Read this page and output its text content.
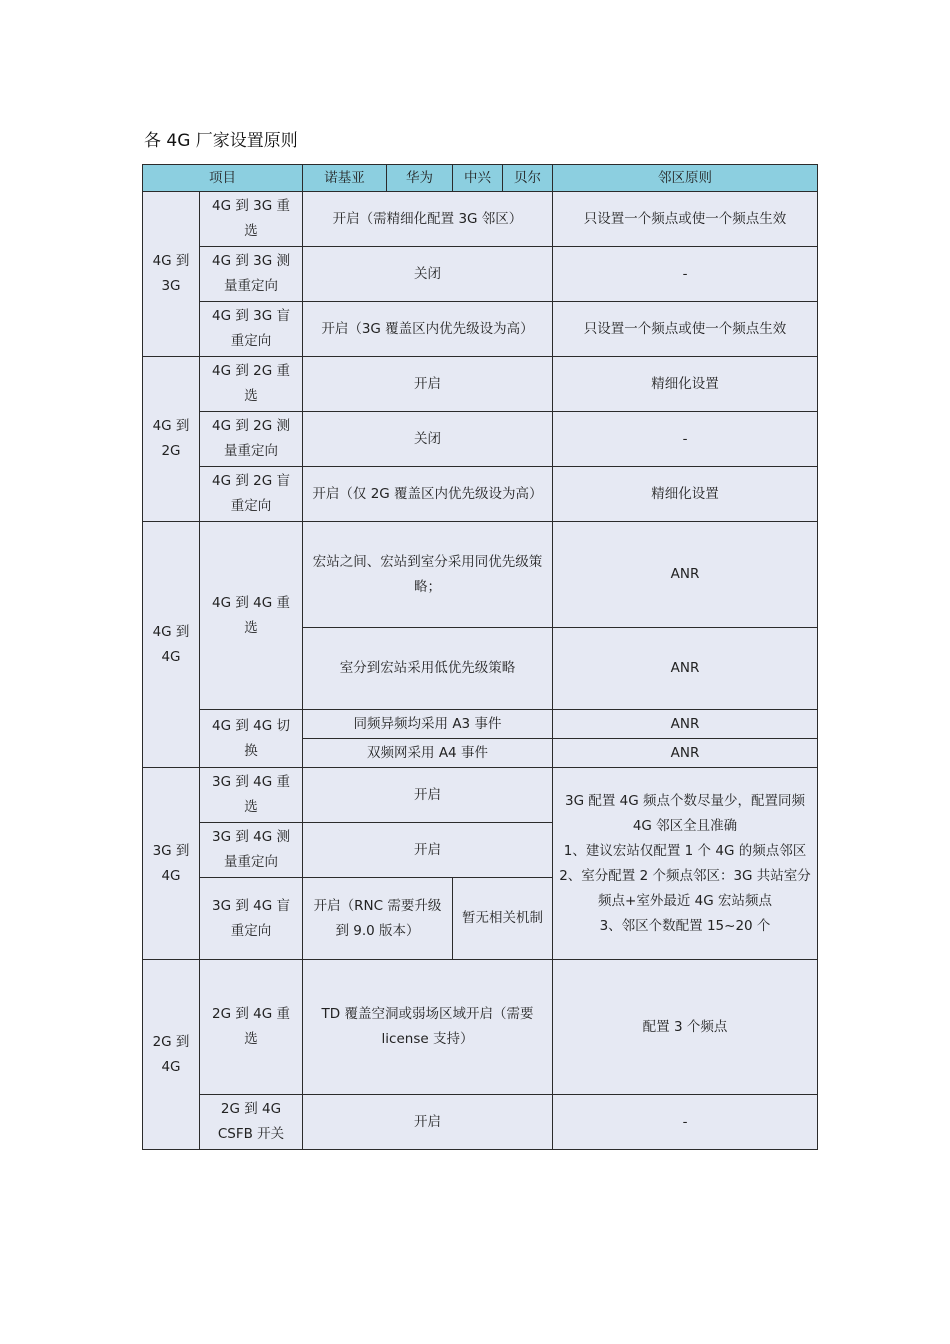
各 4G 厂家设置原则
项目		诺基亚	华为	中兴	贝尔	邻区原则
4G 到 3G	4G 到 3G 重选	开启（需精细化配置 3G 邻区）				只设置一个频点或使一个频点生效
	4G 到 3G 测量重定向	关闭				-
	4G 到 3G 盲重定向	开启（3G 覆盖区内优先级设为高）				只设置一个频点或使一个频点生效
4G 到 2G	4G 到 2G 重选	开启				精细化设置
	4G 到 2G 测量重定向	关闭				-
	4G 到 2G 盲重定向	开启（仅 2G 覆盖区内优先级设为高）				精细化设置
4G 到 4G	4G 到 4G 重选	宏站之间、宏站到室分采用同优先级策略；				ANR
		室分到宏站采用低优先级策略				ANR
	4G 到 4G 切换	同频异频均采用 A3 事件				ANR
		双频网采用 A4 事件				ANR
3G 到 4G	3G 到 4G 重选	开启				3G 配置 4G 频点个数尽量少，配置同频 4G 邻区全且准确
1、建议宏站仅配置 1 个 4G 的频点邻区
2、室分配置 2 个频点邻区：3G 共站室分频点+室外最近 4G 宏站频点
3、邻区个数配置 15~20 个

	3G 到 4G 测量重定向	开启				
	3G 到 4G 盲重定向	开启（RNC 需要升级到 9.0 版本）		暂无相关机制		
2G 到 4G	2G 到 4G 重选	TD 覆盖空洞或弱场区域开启（需要 license 支持）				配置 3 个频点
	2G 到 4G CSFB 开关	开启				-
